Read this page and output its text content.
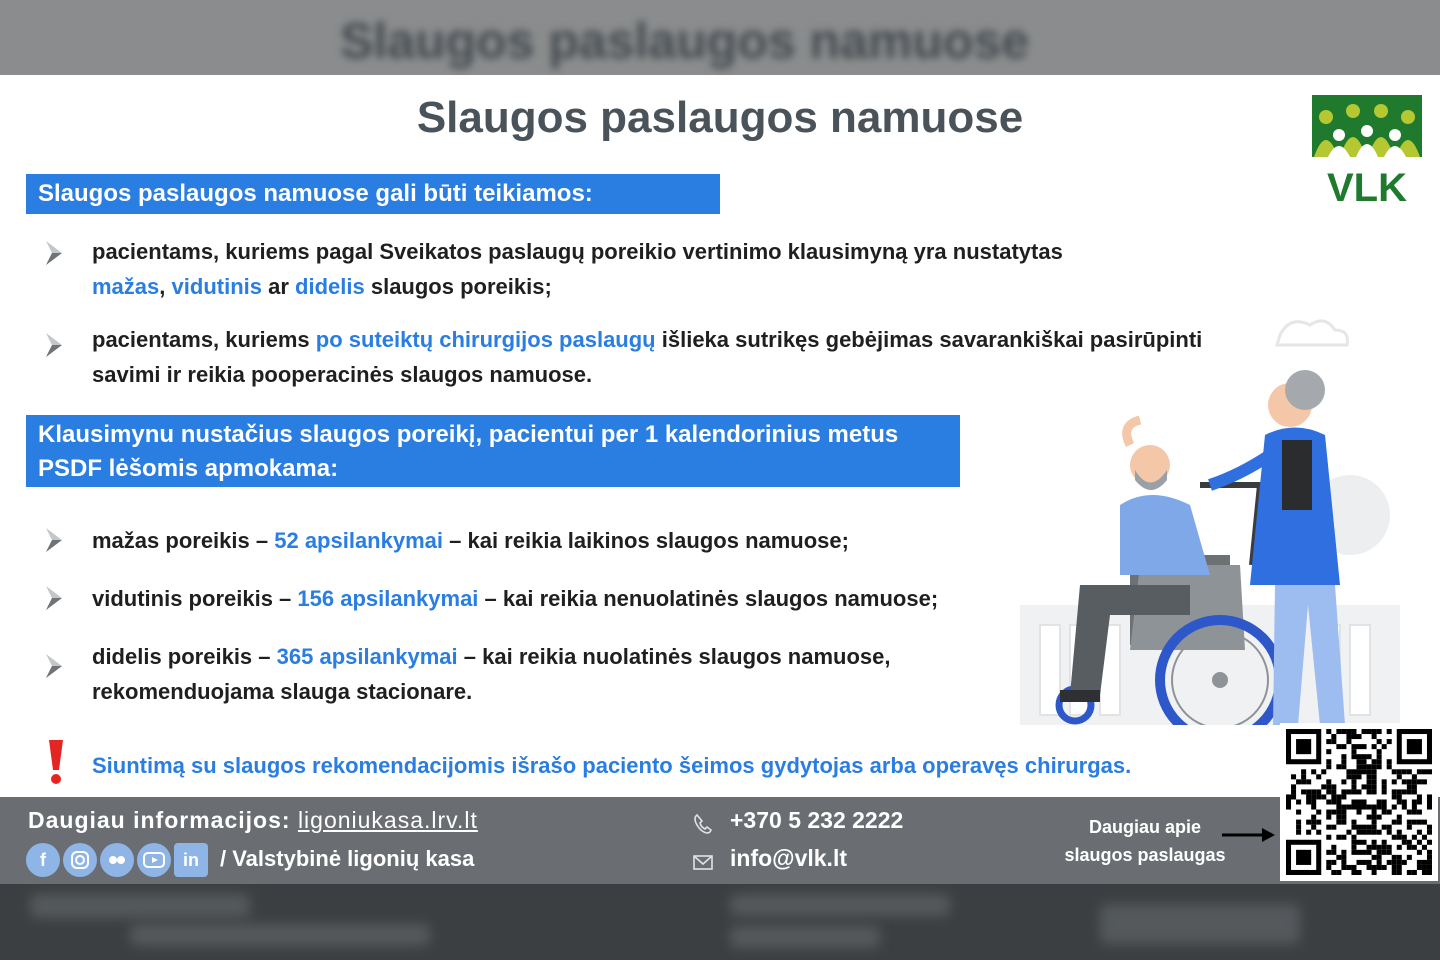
Slaugos paslaugos namuose
Slaugos paslaugos namuose
VLK
Slaugos paslaugos namuose gali būti teikiamos:
pacientams, kuriems pagal Sveikatos paslaugų poreikio vertinimo klausimyną yra nustatytas
mažas, vidutinis ar didelis slaugos poreikis;
pacientams, kuriems po suteiktų chirurgijos paslaugų išlieka sutrikęs gebėjimas savarankiškai pasirūpinti savimi ir reikia pooperacinės slaugos namuose.
Klausimynu nustačius slaugos poreikį, pacientui per 1 kalendorinius metus
PSDF lėšomis apmokama:
mažas poreikis – 52 apsilankymai – kai reikia laikinos slaugos namuose;
vidutinis poreikis – 156 apsilankymai – kai reikia nenuolatinės slaugos namuose;
didelis poreikis – 365 apsilankymai – kai reikia nuolatinės slaugos namuose,
rekomenduojama slauga stacionare.
Siuntimą su slaugos rekomendacijomis išrašo paciento šeimos gydytojas arba operavęs chirurgas.
Daugiau informacijos: ligoniukasa.lrv.lt
f	in / Valstybinė ligonių kasa
+370 5 232 2222
info@vlk.lt
Daugiau apie
slaugos paslaugas
